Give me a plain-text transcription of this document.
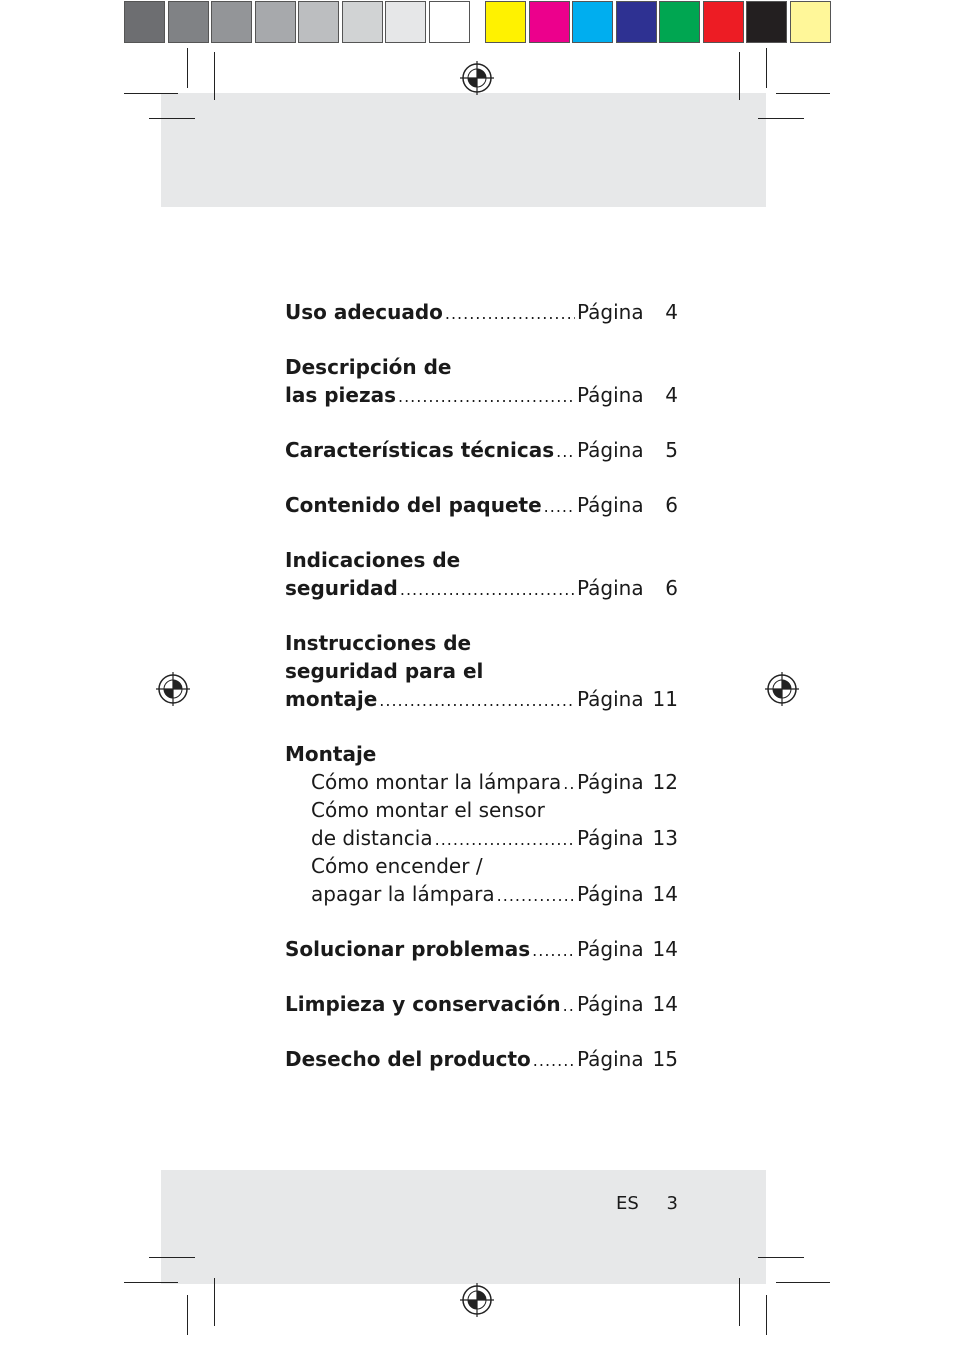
Uso adecuado .....	Página	4
Descripción de
las piezas .....	Página	4
Características técnicas ..... Página	5
Contenido del paquete ..... Página	6
Indicaciones de
seguridad .....	Página	6
Instrucciones de
seguridad para el
montaje .....	Página 11
Montaje
Cómo montar la lámpara ..... Página 12
Cómo montar el sensor
de distancia .....	Página 13
Cómo encender /
apagar la lámpara .....	Página 14
Solucionar problemas ..... Página 14
Limpieza y conservación ..... Página 14
Desecho del producto ..... Página 15
ES 3
